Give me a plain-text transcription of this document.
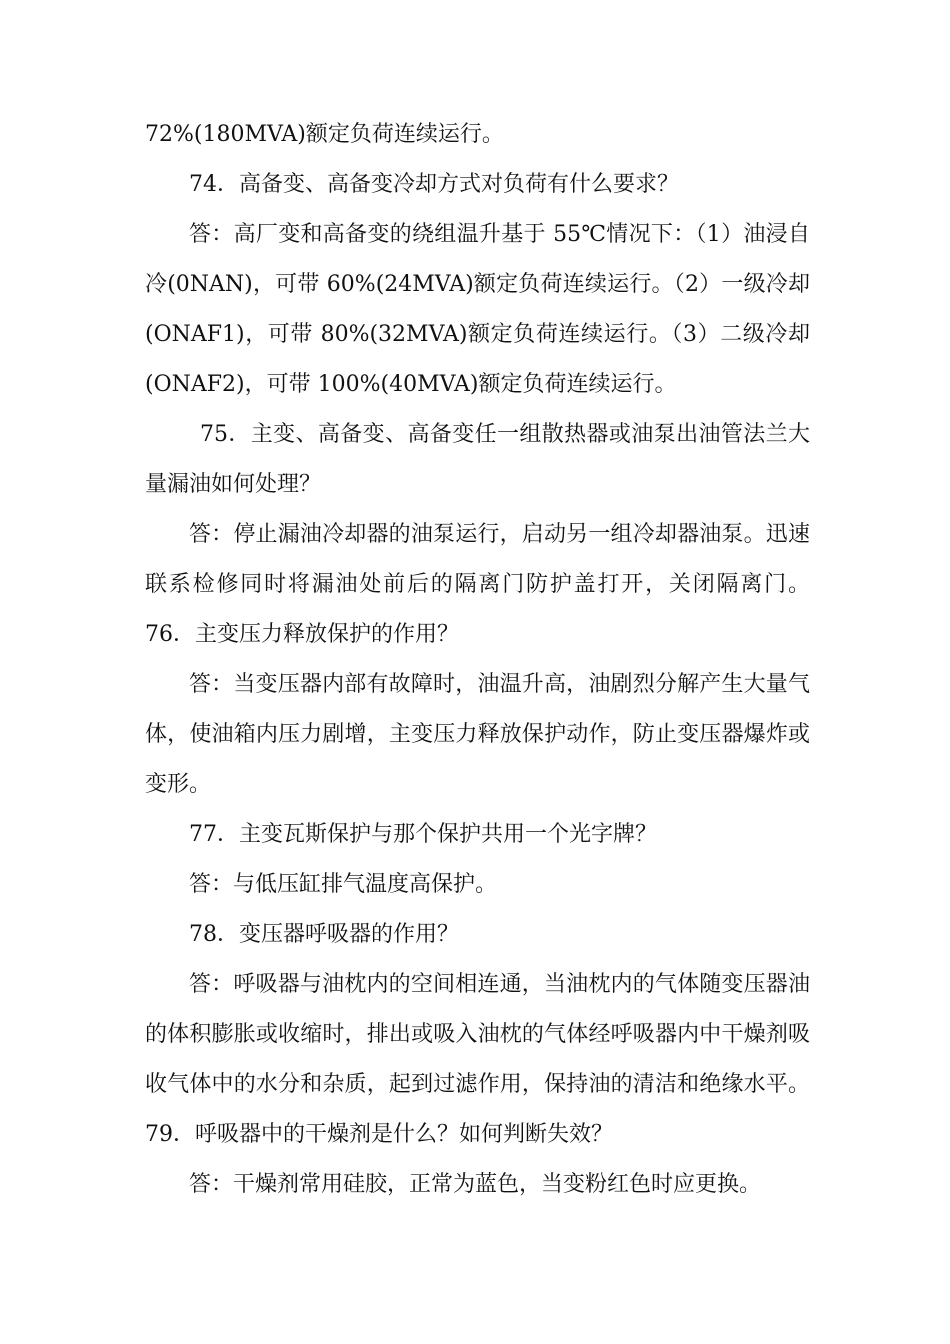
72%(180MVA)额定负荷连续运行。
74．高备变、高备变冷却方式对负荷有什么要求？
答：高厂变和高备变的绕组温升基于 55℃情况下：（1）油浸自
冷(0NAN)，可带 60%(24MVA)额定负荷连续运行。（2）一级冷却
(ONAF1)，可带 80%(32MVA)额定负荷连续运行。（3）二级冷却
(ONAF2)，可带 100%(40MVA)额定负荷连续运行。
75．主变、高备变、高备变任一组散热器或油泵出油管法兰大
量漏油如何处理？
答：停止漏油冷却器的油泵运行，启动另一组冷却器油泵。迅速
联系检修同时将漏油处前后的隔离门防护盖打开，关闭隔离门。
76．主变压力释放保护的作用？
答：当变压器内部有故障时，油温升高，油剧烈分解产生大量气
体，使油箱内压力剧增，主变压力释放保护动作，防止变压器爆炸或
变形。
77．主变瓦斯保护与那个保护共用一个光字牌？
答：与低压缸排气温度高保护。
78．变压器呼吸器的作用？
答：呼吸器与油枕内的空间相连通，当油枕内的气体随变压器油
的体积膨胀或收缩时，排出或吸入油枕的气体经呼吸器内中干燥剂吸
收气体中的水分和杂质，起到过滤作用，保持油的清洁和绝缘水平。
79．呼吸器中的干燥剂是什么？如何判断失效？
答：干燥剂常用硅胶，正常为蓝色，当变粉红色时应更换。
